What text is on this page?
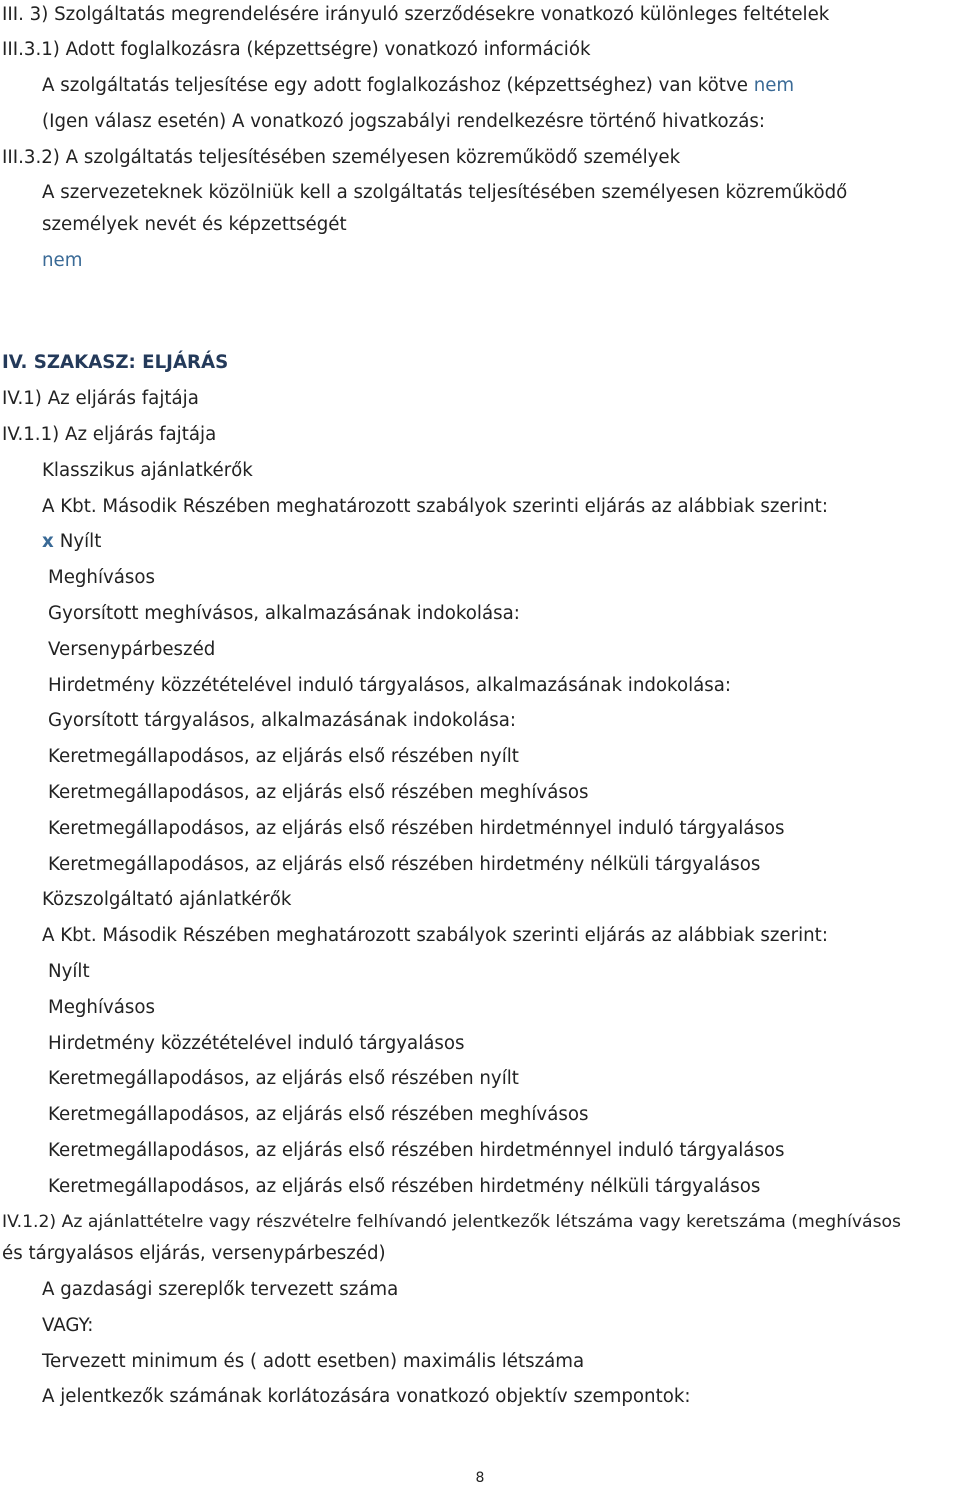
III. 3) Szolgáltatás megrendelésére irányuló szerződésekre vonatkozó különleges feltételek
III.3.1) Adott foglalkozásra (képzettségre) vonatkozó információk
A szolgáltatás teljesítése egy adott foglalkozáshoz (képzettséghez) van kötve nem
(Igen válasz esetén) A vonatkozó jogszabályi rendelkezésre történő hivatkozás:
III.3.2) A szolgáltatás teljesítésében személyesen közreműködő személyek
A szervezeteknek közölniük kell a szolgáltatás teljesítésében személyesen közreműködő
személyek nevét és képzettségét
nem
IV. SZAKASZ: ELJÁRÁS
IV.1) Az eljárás fajtája
IV.1.1) Az eljárás fajtája
Klasszikus ajánlatkérők
A Kbt. Második Részében meghatározott szabályok szerinti eljárás az alábbiak szerint:
x Nyílt
Meghívásos
Gyorsított meghívásos, alkalmazásának indokolása:
Versenypárbeszéd
Hirdetmény közzétételével induló tárgyalásos, alkalmazásának indokolása:
Gyorsított tárgyalásos, alkalmazásának indokolása:
Keretmegállapodásos, az eljárás első részében nyílt
Keretmegállapodásos, az eljárás első részében meghívásos
Keretmegállapodásos, az eljárás első részében hirdetménnyel induló tárgyalásos
Keretmegállapodásos, az eljárás első részében hirdetmény nélküli tárgyalásos
Közszolgáltató ajánlatkérők
A Kbt. Második Részében meghatározott szabályok szerinti eljárás az alábbiak szerint:
Nyílt
Meghívásos
Hirdetmény közzétételével induló tárgyalásos
Keretmegállapodásos, az eljárás első részében nyílt
Keretmegállapodásos, az eljárás első részében meghívásos
Keretmegállapodásos, az eljárás első részében hirdetménnyel induló tárgyalásos
Keretmegállapodásos, az eljárás első részében hirdetmény nélküli tárgyalásos
IV.1.2) Az ajánlattételre vagy részvételre felhívandó jelentkezők létszáma vagy keretszáma (meghívásos
és tárgyalásos eljárás, versenypárbeszéd)
A gazdasági szereplők tervezett száma
VAGY:
Tervezett minimum és ( adott esetben) maximális létszáma
A jelentkezők számának korlátozására vonatkozó objektív szempontok:
8
